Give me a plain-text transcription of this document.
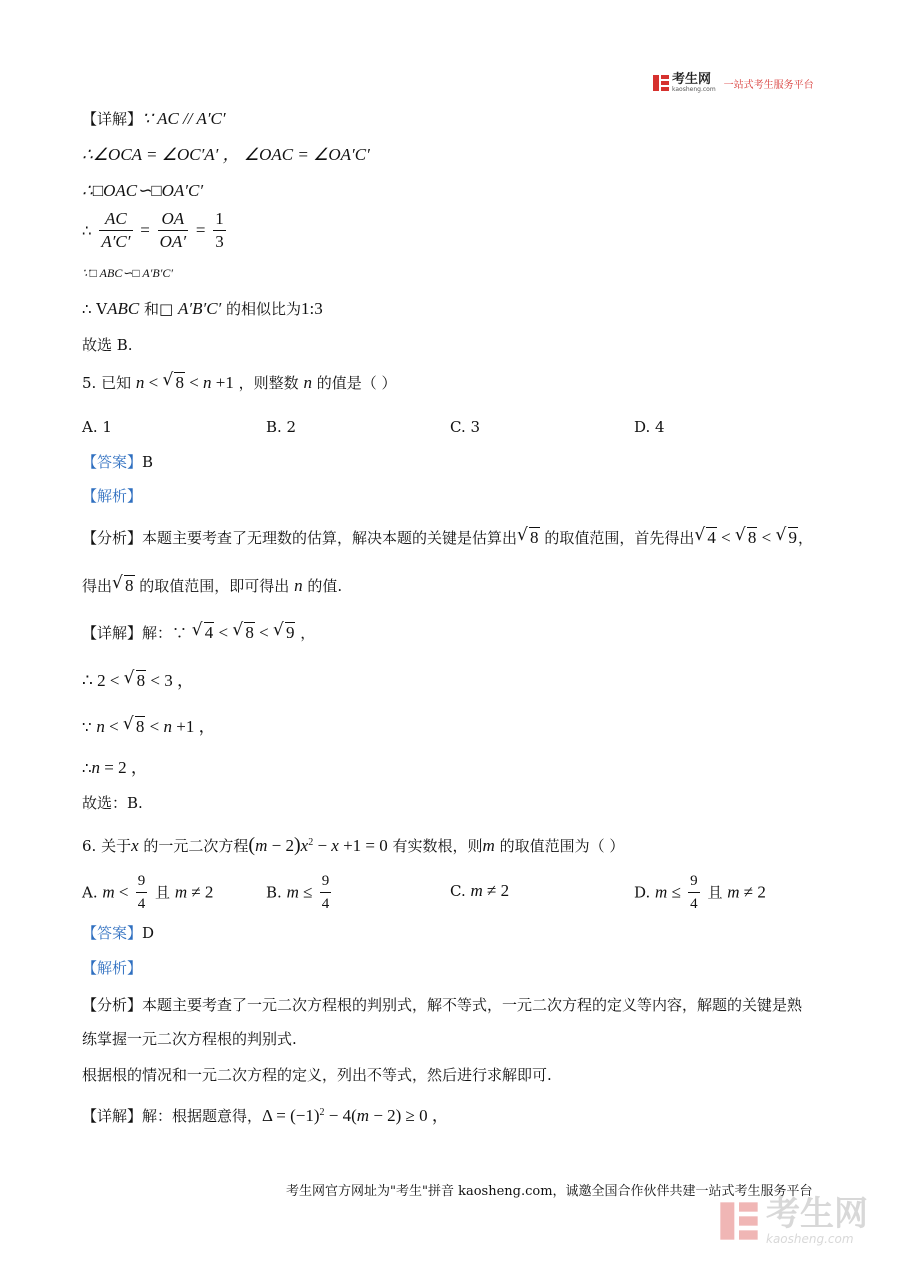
考生网
kaosheng.com 一站式考生服务平台
【详解】∵ AC // A′C′
∴∠OCA = ∠OC′A′ ， ∠OAC = ∠OA′C′
∴□OAC∽□OA′C′
∴ $\frac{AC}{A'C'} = \frac{OA}{OA'} = \frac{1}{3}$
∵□ ABC∽□ A′B′C′
∴ VABC 和□ A′B′C′ 的相似比为1:3
故选 B.
5. 已知 n < √ 8 < n +1 ，则整数 n 的值是（ ）
A. 1	B. 2	C. 3	D. 4
【答案】B
【解析】
【分析】本题主要考查了无理数的估算，解决本题的关键是估算出 √ 8 的取值范围，首先得出 √ 4 < √ 8 < √ 9，
得出 √ 8 的取值范围，即可得出 n 的值.
【详解】解：∵ √ 4 < √ 8 < √ 9 ，
∴ 2 < √ 8 < 3 ，
∵ n < √ 8 < n +1 ，
∴n = 2 ，
故选：B.
6. 关于x 的一元二次方程$(m - 2)x^2 - x +1 = 0$ 有实数根，则m 的取值范围为（ ）
A. $m < \frac{9}{4}$ 且 m ≠ 2	B. $m \le \frac{9}{4}$	C. m ≠ 2	D. $m \le \frac{9}{4}$ 且 m ≠ 2
【答案】D
【解析】
【分析】本题主要考查了一元二次方程根的判别式，解不等式，一元二次方程的定义等内容，解题的关键是熟
练掌握一元二次方程根的判别式.
根据根的情况和一元二次方程的定义，列出不等式，然后进行求解即可.
【详解】解：根据题意得，$\Delta = (-1)^2 - 4(m - 2) \ge 0$ ，
考生网官方网址为"考生"拼音 kaosheng.com，诚邀全国合作伙伴共建一站式考生服务平台
考生网
kaosheng.com
